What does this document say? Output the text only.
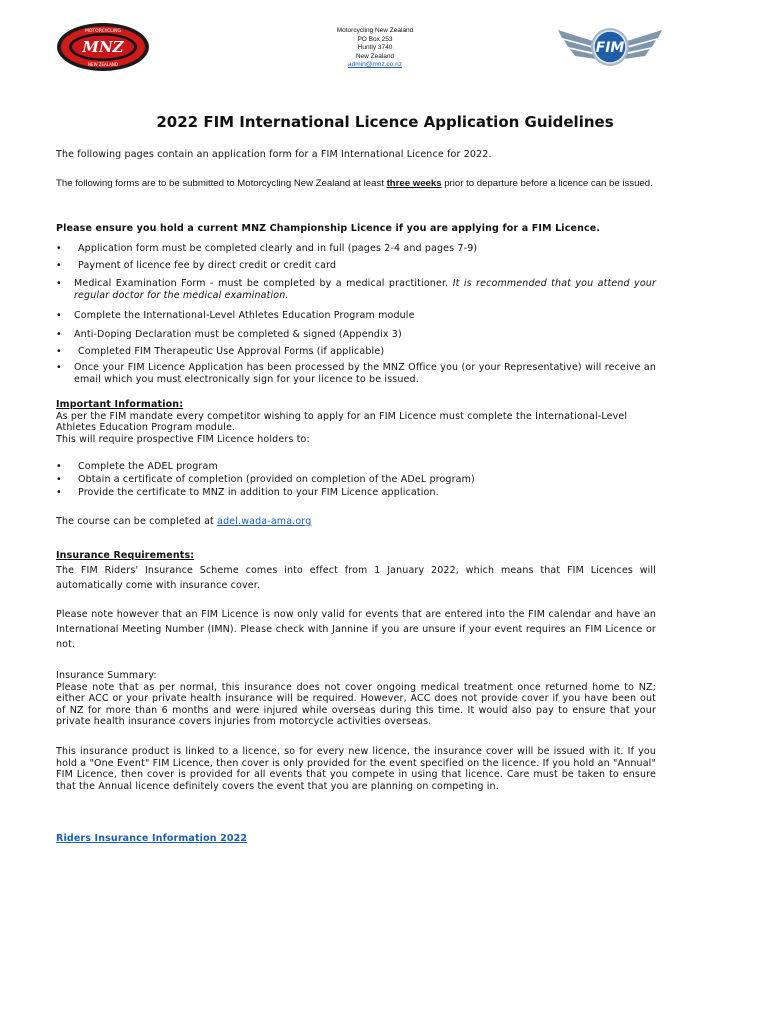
MNZ
MOTORCYCLING
NEW ZEALAND
Motorcycling New Zealand
PO Box 253
Huntly 3740
New Zealand
admin@mnz.co.nz
FIM
2022 FIM International Licence Application Guidelines
The following pages contain an application form for a FIM International Licence for 2022.
The following forms are to be submitted to Motorcycling New Zealand at least three weeks prior to departure before a licence can be issued.
Please ensure you hold a current MNZ Championship Licence if you are applying for a FIM Licence.
• Application form must be completed clearly and in full (pages 2-4 and pages 7-9)
• Payment of licence fee by direct credit or credit card
• Medical Examination Form - must be completed by a medical practitioner. It is recommended that you attend your regular doctor for the medical examination.
• Complete the International-Level Athletes Education Program module
• Anti-Doping Declaration must be completed & signed (Appendix 3)
• Completed FIM Therapeutic Use Approval Forms (if applicable)
• Once your FIM Licence Application has been processed by the MNZ Office you (or your Representative) will receive an email which you must electronically sign for your licence to be issued.
Important Information:
As per the FIM mandate every competitor wishing to apply for an FIM Licence must complete the International-Level Athletes Education Program module.
This will require prospective FIM Licence holders to:
• Complete the ADEL program
• Obtain a certificate of completion (provided on completion of the ADeL program)
• Provide the certificate to MNZ in addition to your FIM Licence application.
The course can be completed at adel.wada-ama.org
Insurance Requirements:
The FIM Riders' Insurance Scheme comes into effect from 1 January 2022, which means that FIM Licences will automatically come with insurance cover.
Please note however that an FIM Licence is now only valid for events that are entered into the FIM calendar and have an International Meeting Number (IMN). Please check with Jannine if you are unsure if your event requires an FIM Licence or not.
Insurance Summary:
Please note that as per normal, this insurance does not cover ongoing medical treatment once returned home to NZ; either ACC or your private health insurance will be required. However, ACC does not provide cover if you have been out of NZ for more than 6 months and were injured while overseas during this time. It would also pay to ensure that your private health insurance covers injuries from motorcycle activities overseas.
This insurance product is linked to a licence, so for every new licence, the insurance cover will be issued with it. If you hold a "One Event" FIM Licence, then cover is only provided for the event specified on the licence. If you hold an "Annual" FIM Licence, then cover is provided for all events that you compete in using that licence. Care must be taken to ensure that the Annual licence definitely covers the event that you are planning on competing in.
Riders Insurance Information 2022
